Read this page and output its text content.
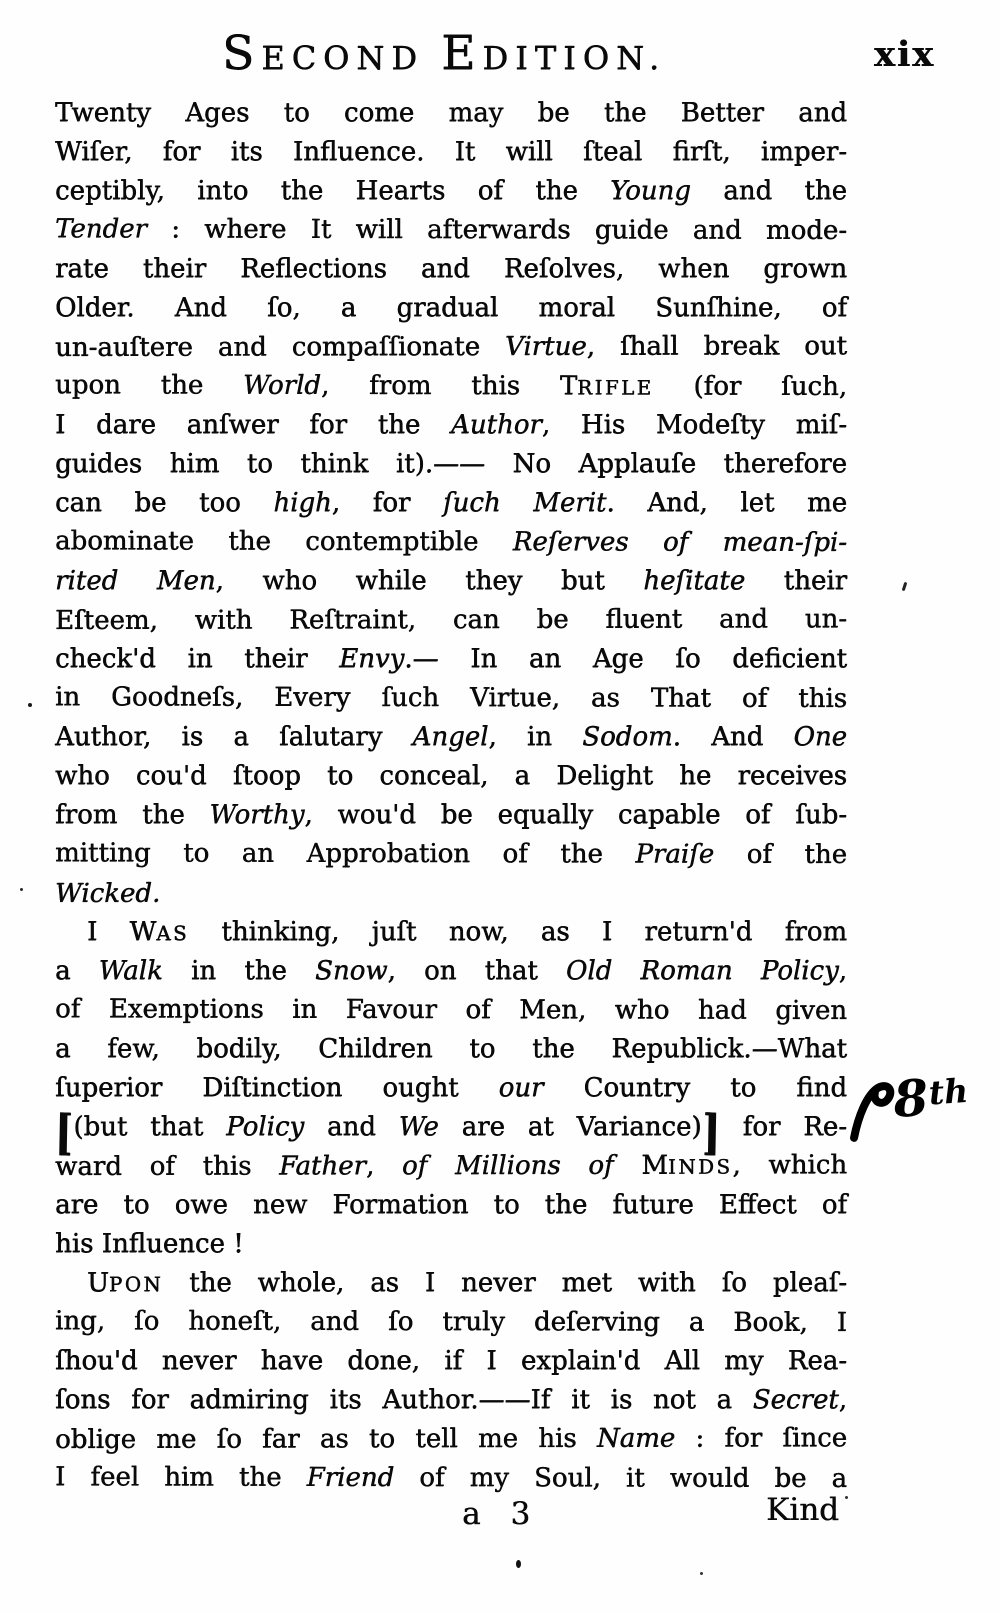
SECOND EDITION.	xix
Twenty Ages to come may be the Better and
Wiſer, for its Influence. It will ſteal firſt, imper-
ceptibly, into the Hearts of the Young and the
Tender : where It will afterwards guide and mode-
rate their Reflections and Reſolves, when grown
Older. And ſo, a gradual moral Sunſhine, of
un-auſtere and compaſſionate Virtue, ſhall break out
upon the World, from this TRIFLE (for ſuch,
I dare anſwer for the Author, His Modeſty miſ-
guides him to think it).—— No Applauſe therefore
can be too high, for ſuch Merit. And, let me
abominate the contemptible Reſerves of mean-ſpi-
rited Men, who while they but heſitate their
Eſteem, with Reſtraint, can be fluent and un-
check'd in their Envy.— In an Age ſo deficient
in Goodneſs, Every ſuch Virtue, as That of this
Author, is a ſalutary Angel, in Sodom. And One
who cou'd ſtoop to conceal, a Delight he receives
from the Worthy, wou'd be equally capable of ſub-
mitting to an Approbation of the Praiſe of the
Wicked.
I WAS thinking, juſt now, as I return'd from
a Walk in the Snow, on that Old Roman Policy,
of Exemptions in Favour of Men, who had given
a few, bodily, Children to the Republick.—What
ſuperior Diſtinction ought our Country to find
[(but that Policy and We are at Variance)] for Re-
ward of this Father, of Millions of MINDS, which
are to owe new Formation to the future Effect of
his Influence !
UPON the whole, as I never met with ſo pleaſ-
ing, ſo honeſt, and ſo truly deſerving a Book, I
ſhou'd never have done, if I explain'd All my Rea-
ſons for admiring its Author.——If it is not a Secret,
oblige me ſo far as to tell me his Name : for ſince
I feel him the Friend of my Soul, it would be a
8
th
a 3	Kind
